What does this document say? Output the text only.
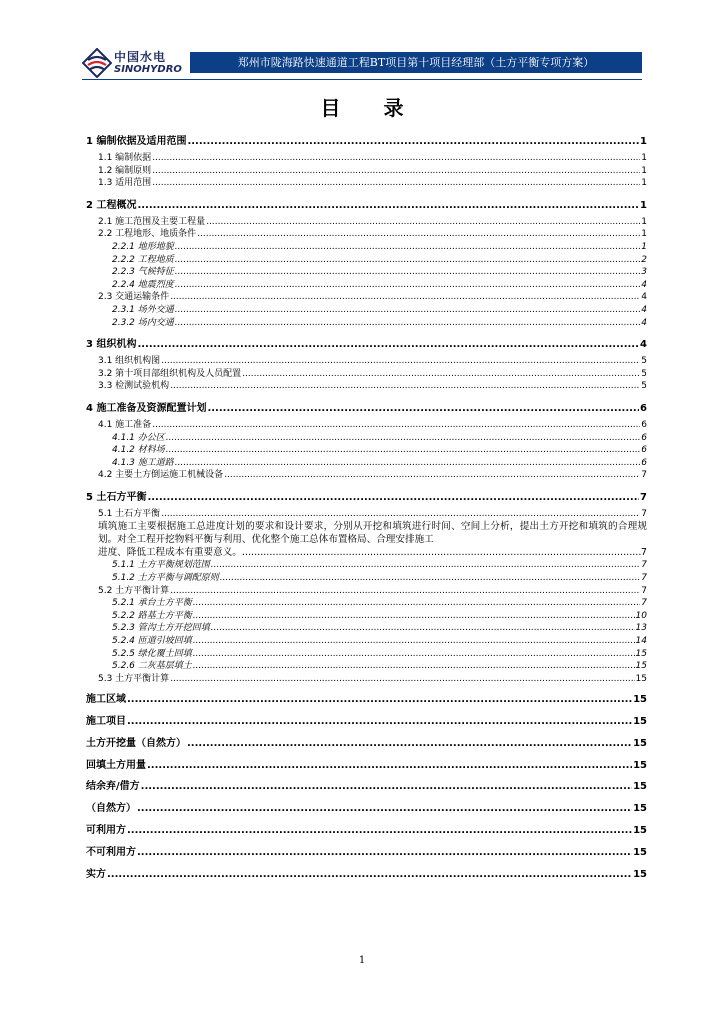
中国水电
SINOHYDRO
郑州市陇海路快速通道工程BT项目第十项目经理部（土方平衡专项方案）
目 录
1 编制依据及适用范围 .....	1
1.1 编制依据 .....	1
1.2 编制原则 .....	1
1.3 适用范围 .....	1
2 工程概况 .....	1
2.1 施工范围及主要工程量 .....	1
2.2 工程地形、地质条件 .....	1
2.2.1 地形地貌 .....	1
2.2.2 工程地质 .....	2
2.2.3 气候特征 .....	3
2.2.4 地震烈度 .....	4
2.3 交通运输条件 .....	4
2.3.1 场外交通 .....	4
2.3.2 场内交通 .....	4
3 组织机构 .....	4
3.1 组织机构图 .....	5
3.2 第十项目部组织机构及人员配置 .....	5
3.3 检测试验机构 .....	5
4 施工准备及资源配置计划 .....	6
4.1 施工准备 .....	6
4.1.1 办公区 .....	6
4.1.2 材料场 .....	6
4.1.3 施工道路 .....	6
4.2 主要土方倒运施工机械设备 .....	7
5 土石方平衡 .....	7
5.1 土石方平衡 .....	7

填筑施工主要根据施工总进度计划的要求和设计要求，分别从开挖和填筑进行时间、空间上分析，提出土方开挖和填筑的合理规划。对全工程开挖物料平衡与利用、优化整个施工总体布置格局、合理安排施工

进度、降低工程成本有重要意义。 .....	7
5.1.1 土方平衡规划范围 .....	7
5.1.2 土方平衡与调配原则 .....	7
5.2 土方平衡计算 .....	7
5.2.1 承台土方平衡 .....	7
5.2.2 路基土方平衡 .....	10
5.2.3 管沟土方开挖回填 .....	13
5.2.4 匝道引坡回填 .....	14
5.2.5 绿化覆土回填 .....	15
5.2.6 二灰基层填土 .....	15
5.3 土方平衡计算 .....	15
施工区域 .....	15
施工项目 .....	15
土方开挖量（自然方） .....	15
回填土方用量 .....	15
结余弃/借方 .....	15
（自然方） .....	15
可利用方 .....	15
不可利用方 .....	15
实方 .....	15
1
